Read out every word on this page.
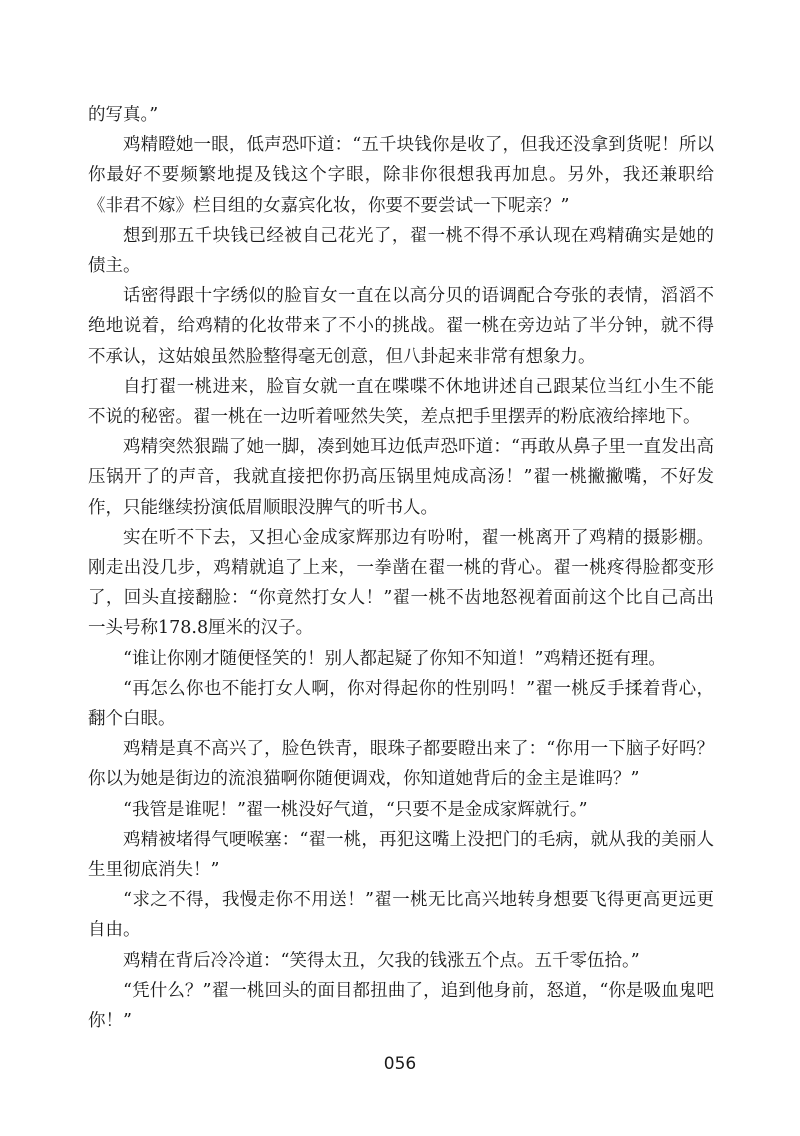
的写真。”

鸡精瞪她一眼，低声恐吓道：“五千块钱你是收了，但我还没拿到货呢！所以你最好不要频繁地提及钱这个字眼，除非你很想我再加息。另外，我还兼职给《非君不嫁》栏目组的女嘉宾化妆，你要不要尝试一下呢亲？”

想到那五千块钱已经被自己花光了，翟一桃不得不承认现在鸡精确实是她的债主。

话密得跟十字绣似的脸盲女一直在以高分贝的语调配合夸张的表情，滔滔不绝地说着，给鸡精的化妆带来了不小的挑战。翟一桃在旁边站了半分钟，就不得不承认，这姑娘虽然脸整得毫无创意，但八卦起来非常有想象力。

自打翟一桃进来，脸盲女就一直在喋喋不休地讲述自己跟某位当红小生不能不说的秘密。翟一桃在一边听着哑然失笑，差点把手里摆弄的粉底液给摔地下。

鸡精突然狠踹了她一脚，凑到她耳边低声恐吓道：“再敢从鼻子里一直发出高压锅开了的声音，我就直接把你扔高压锅里炖成高汤！”翟一桃撇撇嘴，不好发作，只能继续扮演低眉顺眼没脾气的听书人。

实在听不下去，又担心金成家辉那边有吩咐，翟一桃离开了鸡精的摄影棚。刚走出没几步，鸡精就追了上来，一拳凿在翟一桃的背心。翟一桃疼得脸都变形了，回头直接翻脸：“你竟然打女人！”翟一桃不齿地怒视着面前这个比自己高出一头号称178.8厘米的汉子。

“谁让你刚才随便怪笑的！别人都起疑了你知不知道！”鸡精还挺有理。

“再怎么你也不能打女人啊，你对得起你的性别吗！”翟一桃反手揉着背心，翻个白眼。

鸡精是真不高兴了，脸色铁青，眼珠子都要瞪出来了：“你用一下脑子好吗？你以为她是街边的流浪猫啊你随便调戏，你知道她背后的金主是谁吗？”

“我管是谁呢！”翟一桃没好气道，“只要不是金成家辉就行。”

鸡精被堵得气哽喉塞：“翟一桃，再犯这嘴上没把门的毛病，就从我的美丽人生里彻底消失！”

“求之不得，我慢走你不用送！”翟一桃无比高兴地转身想要飞得更高更远更自由。

鸡精在背后冷冷道：“笑得太丑，欠我的钱涨五个点。五千零伍拾。”

“凭什么？”翟一桃回头的面目都扭曲了，追到他身前，怒道，“你是吸血鬼吧你！”

056
